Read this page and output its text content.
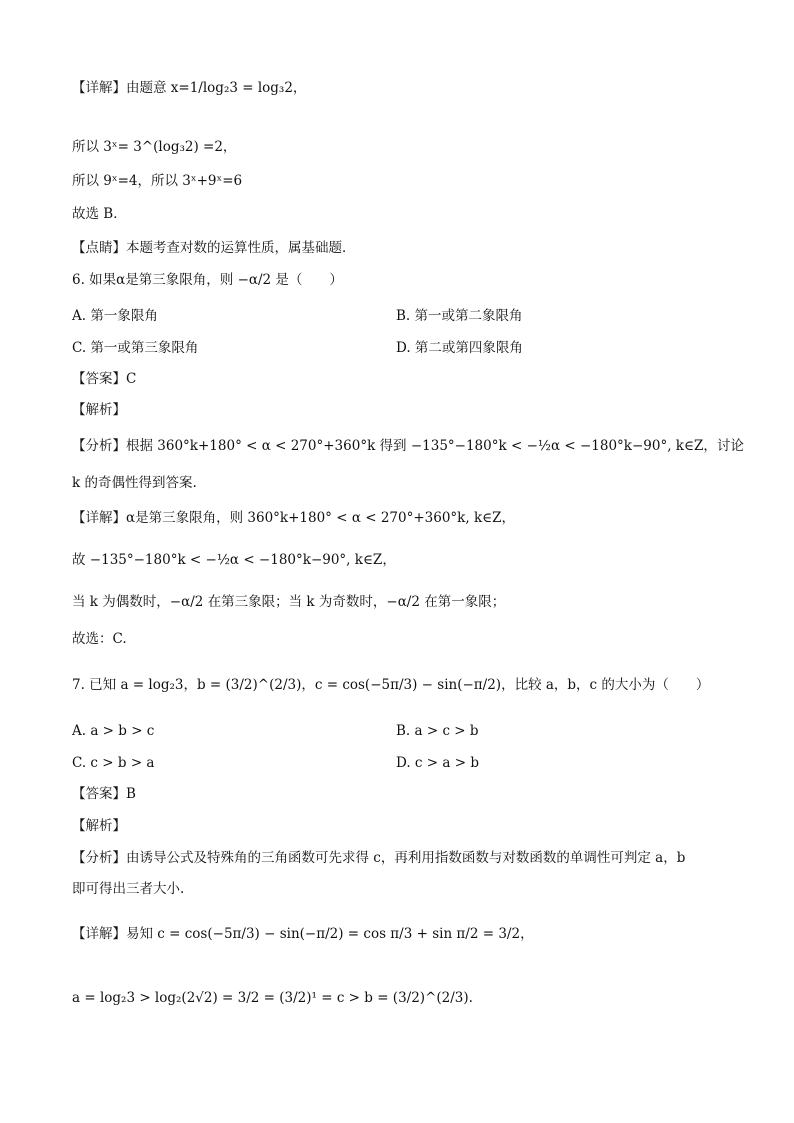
【详解】由题意 x=1/log₂3 = log₃2，
所以 3ˣ= 3^(log₃2) =2，
所以 9ˣ=4，所以 3ˣ+9ˣ=6
故选 B．
【点睛】本题考查对数的运算性质，属基础题．
6. 如果α是第三象限角，则 −α/2 是（　　）
A. 第一象限角	B. 第一或第二象限角
C. 第一或第三象限角	D. 第二或第四象限角
【答案】C
【解析】
【分析】根据 360°k+180° < α < 270°+360°k 得到 −135°−180°k < −½α < −180°k−90°, k∈Z，讨论
k 的奇偶性得到答案.
【详解】α是第三象限角，则 360°k+180° < α < 270°+360°k, k∈Z，
故 −135°−180°k < −½α < −180°k−90°, k∈Z，
当 k 为偶数时，−α/2 在第三象限；当 k 为奇数时，−α/2 在第一象限；
故选：C.
7. 已知 a = log₂3，b = (3/2)^(2/3)，c = cos(−5π/3) − sin(−π/2)，比较 a，b，c 的大小为（　　）
A. a > b > c	B. a > c > b
C. c > b > a	D. c > a > b
【答案】B
【解析】
【分析】由诱导公式及特殊角的三角函数可先求得 c，再利用指数函数与对数函数的单调性可判定 a，b
即可得出三者大小.
【详解】易知 c = cos(−5π/3) − sin(−π/2) = cos π/3 + sin π/2 = 3/2，
a = log₂3 > log₂(2√2) = 3/2 = (3/2)¹ = c > b = (3/2)^(2/3).
